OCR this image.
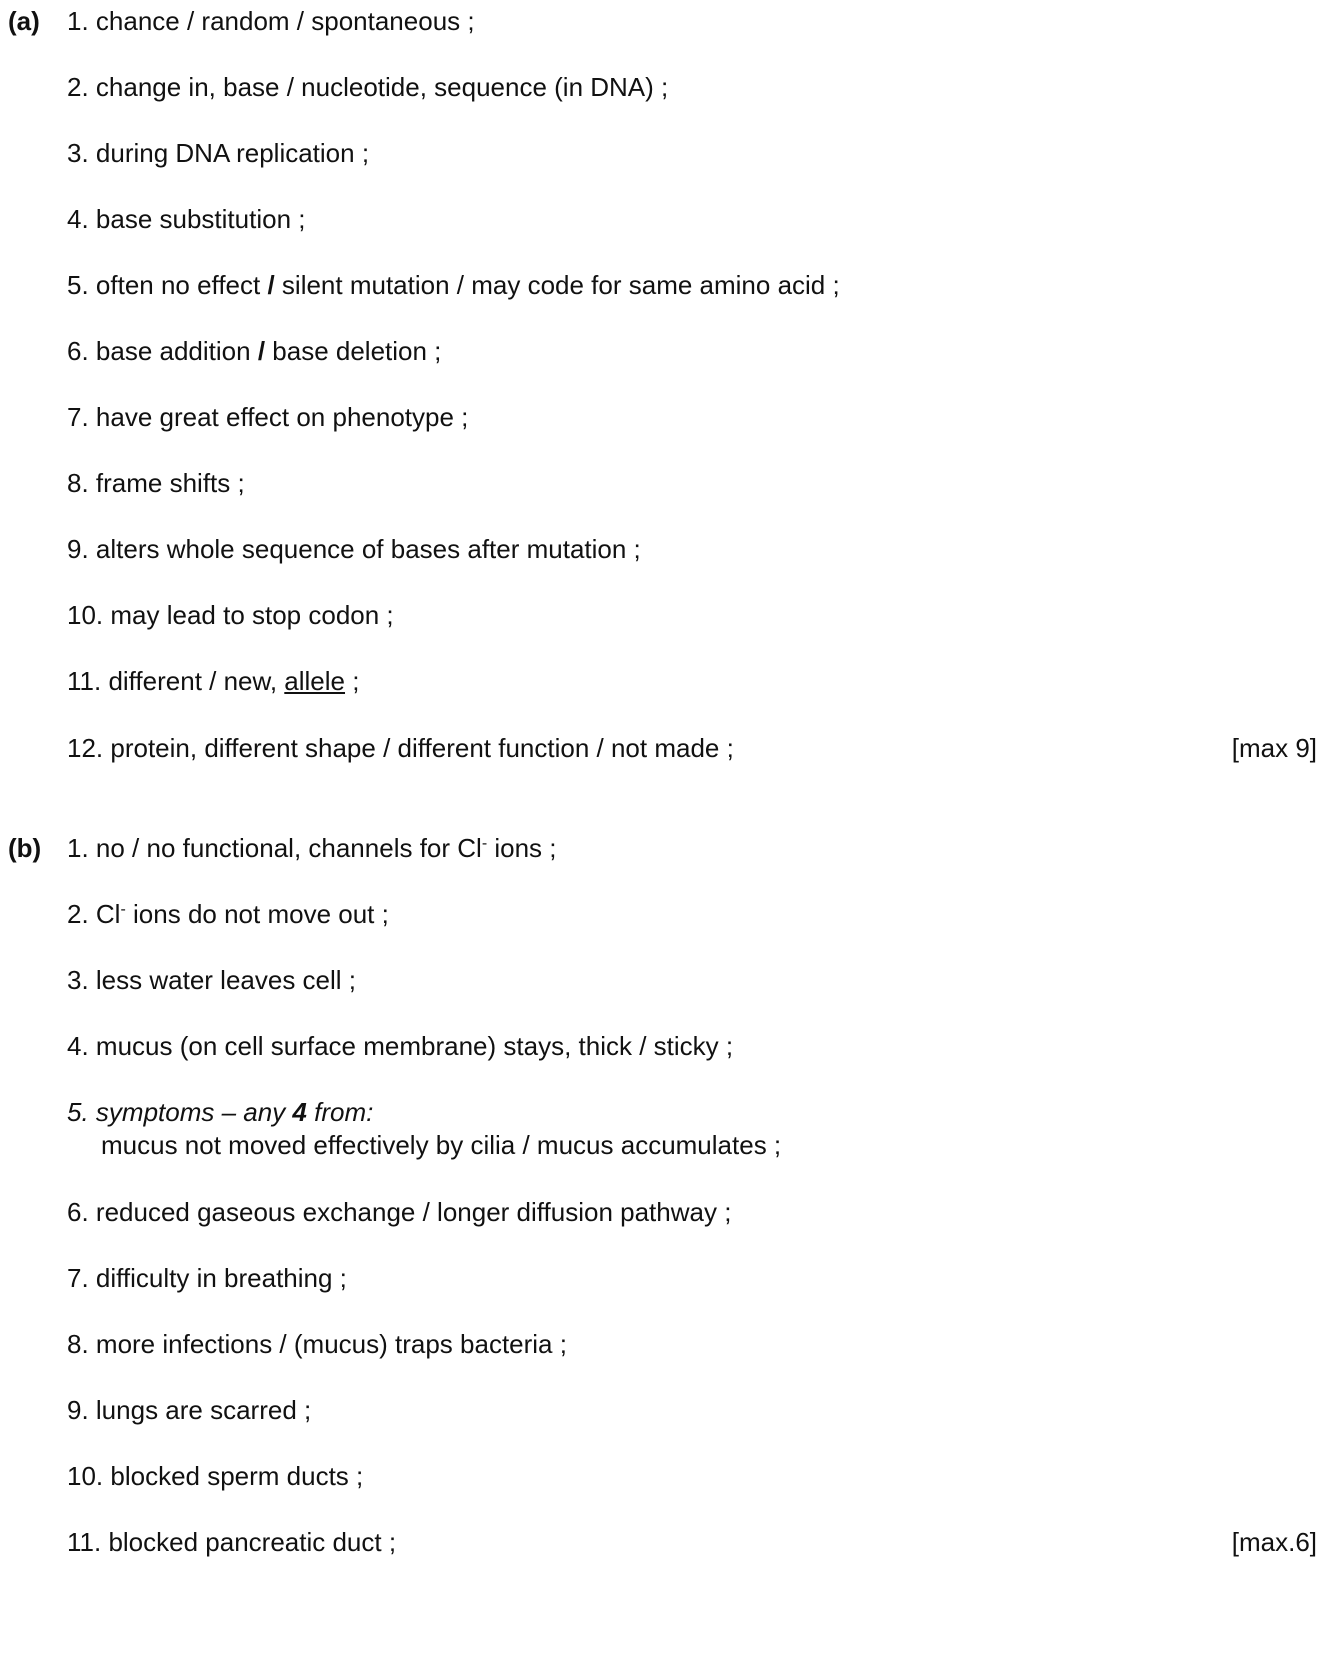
(a) 1. chance / random / spontaneous ;
2. change in, base / nucleotide, sequence (in DNA) ;
3. during DNA replication ;
4. base substitution ;
5. often no effect / silent mutation / may code for same amino acid ;
6. base addition / base deletion ;
7. have great effect on phenotype ;
8. frame shifts ;
9. alters whole sequence of bases after mutation ;
10. may lead to stop codon ;
11. different / new, allele ;
12. protein, different shape / different function / not made ;	[max 9]
(b) 1. no / no functional, channels for Cl- ions ;
2. Cl- ions do not move out ;
3. less water leaves cell ;
4. mucus (on cell surface membrane) stays, thick / sticky ;
5. symptoms – any 4 from:
mucus not moved effectively by cilia / mucus accumulates ;
6. reduced gaseous exchange / longer diffusion pathway ;
7. difficulty in breathing ;
8. more infections / (mucus) traps bacteria ;
9. lungs are scarred ;
10. blocked sperm ducts ;
11. blocked pancreatic duct ;	[max.6]
